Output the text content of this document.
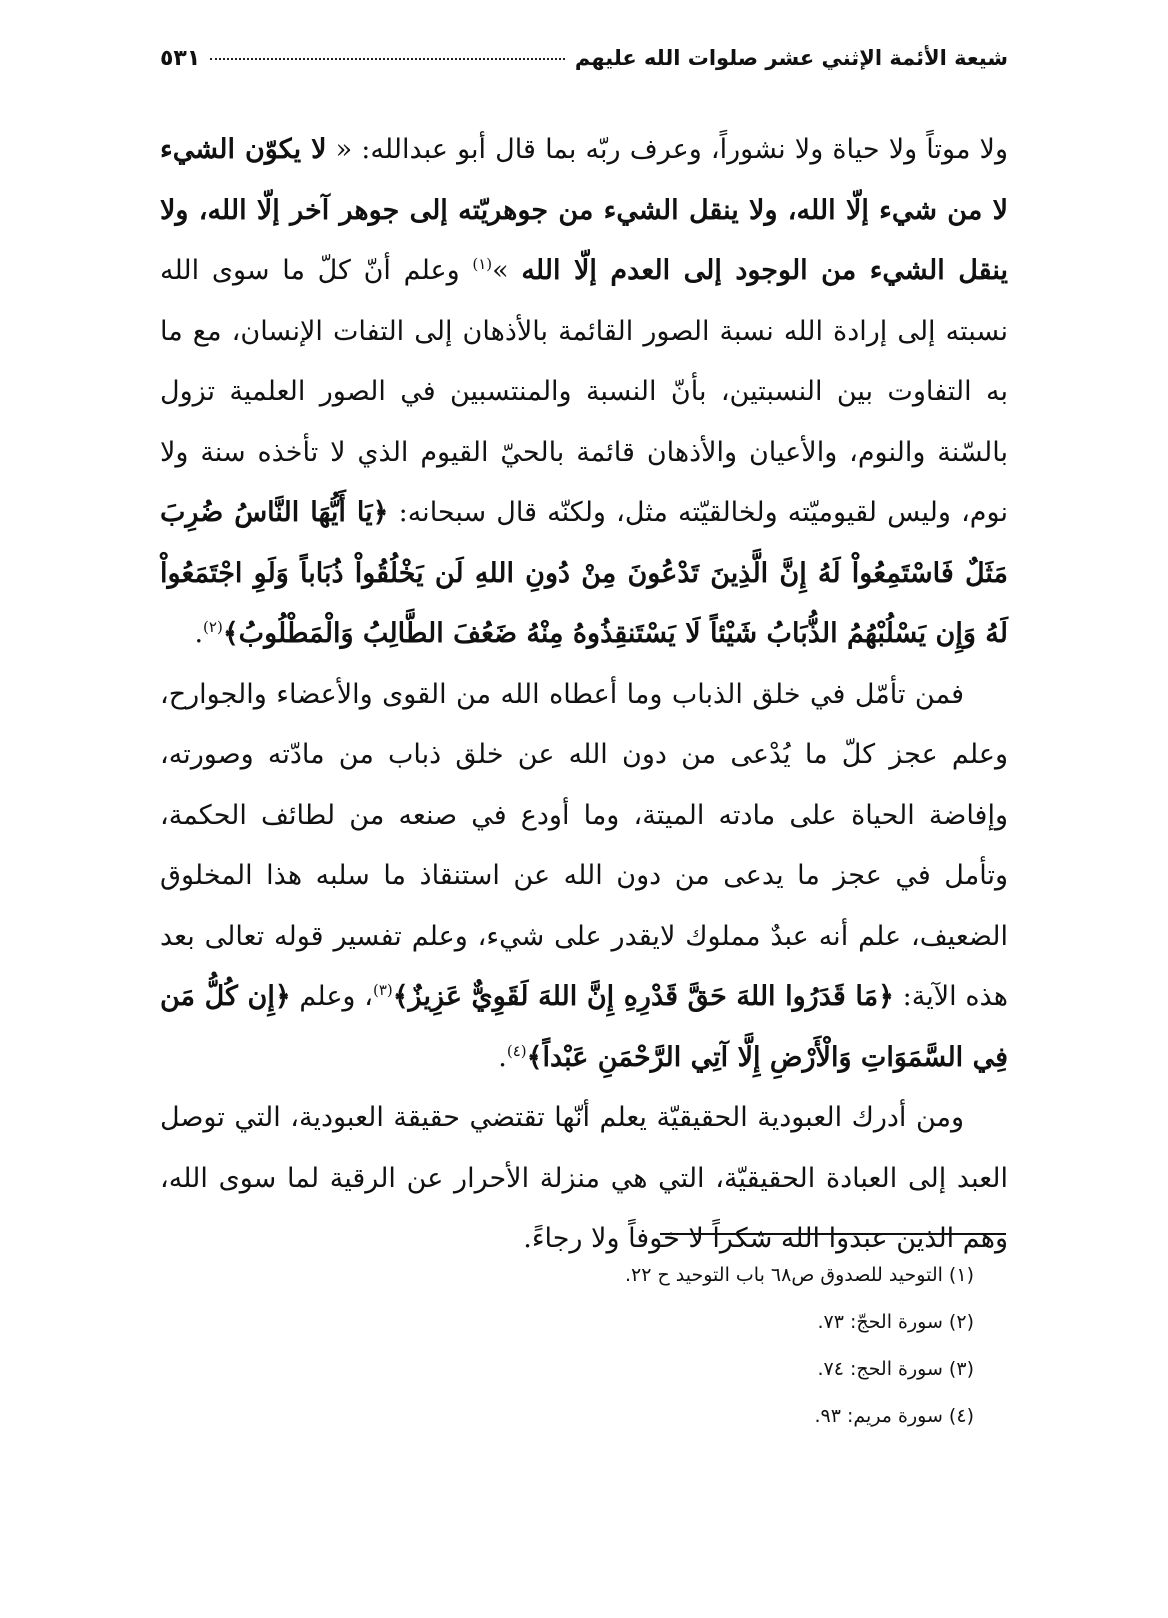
شيعة الأئمة الإثني عشر صلوات الله عليهم
٥٣١

ولا موتاً ولا حياة ولا نشوراً، وعرف ربّه بما قال أبو عبدالله: « لا يكوّن الشيء لا من شيء إلّا الله، ولا ينقل الشيء من جوهريّته إلى جوهر آخر إلّا الله، ولا ينقل الشيء من الوجود إلى العدم إلّا الله »$^{(١)}$ وعلم أنّ كلّ ما سوى الله نسبته إلى إرادة الله نسبة الصور القائمة بالأذهان إلى التفات الإنسان، مع ما به التفاوت بين النسبتين، بأنّ النسبة والمنتسبين في الصور العلمية تزول بالسّنة والنوم، والأعيان والأذهان قائمة بالحيّ القيوم الذي لا تأخذه سنة ولا نوم، وليس لقيوميّته ولخالقيّته مثل، ولكنّه قال سبحانه: ﴿يَا أَيُّهَا النَّاسُ ضُرِبَ مَثَلٌ فَاسْتَمِعُواْ لَهُ إِنَّ الَّذِينَ تَدْعُونَ مِنْ دُونِ اللهِ لَن يَخْلُقُواْ ذُبَاباً وَلَوِ اجْتَمَعُواْ لَهُ وَإِن يَسْلُبْهُمُ الذُّبَابُ شَيْئاً لَا يَسْتَنقِذُوهُ مِنْهُ ضَعُفَ الطَّالِبُ وَالْمَطْلُوبُ﴾$^{(٢)}$.

فمن تأمّل في خلق الذباب وما أعطاه الله من القوى والأعضاء والجوارح، وعلم عجز كلّ ما يُدْعى من دون الله عن خلق ذباب من مادّته وصورته، وإفاضة الحياة على مادته الميتة، وما أودع في صنعه من لطائف الحكمة، وتأمل في عجز ما يدعى من دون الله عن استنقاذ ما سلبه هذا المخلوق الضعيف، علم أنه عبدٌ مملوك لايقدر على شيء، وعلم تفسير قوله تعالى بعد هذه الآية: ﴿مَا قَدَرُوا اللهَ حَقَّ قَدْرِهِ إِنَّ اللهَ لَقَوِيٌّ عَزِيزٌ﴾$^{(٣)}$، وعلم ﴿إِن كُلُّ مَن فِي السَّمَوَاتِ وَالْأَرْضِ إِلَّا آتِي الرَّحْمَنِ عَبْداً﴾$^{(٤)}$.

ومن أدرك العبودية الحقيقيّة يعلم أنّها تقتضي حقيقة العبودية، التي توصل العبد إلى العبادة الحقيقيّة، التي هي منزلة الأحرار عن الرقية لما سوى الله، وهم الذين عبدوا الله شكراً لا خوفاً ولا رجاءً.

(١) التوحيد للصدوق ص٦٨ باب التوحيد ح ٢٢.

(٢) سورة الحجّ: ٧٣.

(٣) سورة الحج: ٧٤.

(٤) سورة مريم: ٩٣.
